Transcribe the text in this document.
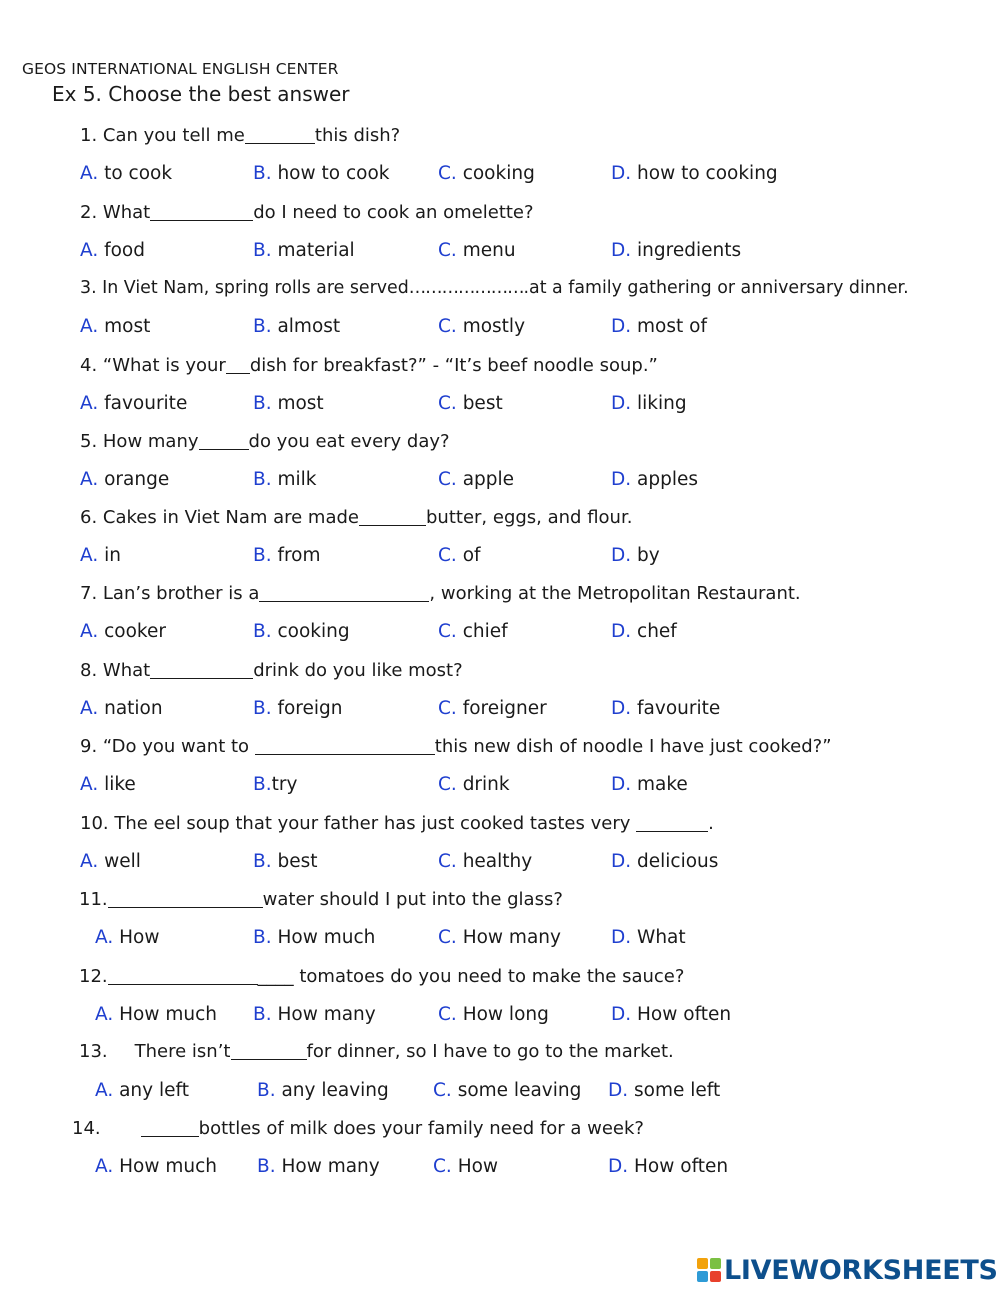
GEOS INTERNATIONAL ENGLISH CENTER
Ex 5. Choose the best answer
1. Can you tell me	this dish?
A. to cook	B. how to cook	C. cooking	D. how to cooking
2. What	do I need to cook an omelette?
A. food	B. material	C. menu	D. ingredients
3. In Viet Nam, spring rolls are served………………….at a family gathering or anniversary dinner.
A. most	B. almost	C. mostly	D. most of
4. “What is your dish for breakfast?” - “It’s beef noodle soup.”
A. favourite	B. most	C. best	D. liking
5. How many	do you eat every day?
A. orange	B. milk	C. apple	D. apples
6. Cakes in Viet Nam are made	butter, eggs, and flour.
A. in	B. from	C. of	D. by
7. Lan’s brother is a	, working at the Metropolitan Restaurant.
A. cooker	B. cooking	C. chief	D. chef
8. What	drink do you like most?
A. nation	B. foreign	C. foreigner	D. favourite
9. “Do you want to	this new dish of noodle I have just cooked?”
A. like	B.try	C. drink	D. make
10. The eel soup that your father has just cooked tastes very	.
A. well	B. best	C. healthy	D. delicious
11.	water should I put into the glass?
A. How	B. How much	C. How many	D. What
12.	____ tomatoes do you need to make the sauce?
A. How much B. How many	C. How long	D. How often
13. There isn’t	for dinner, so I have to go to the market.
A. any left	B. any leaving C. some leaving D. some left
14.	bottles of milk does your family need for a week?
A. How much B. How many	C. How	D. How often
LIVEWORKSHEETS
